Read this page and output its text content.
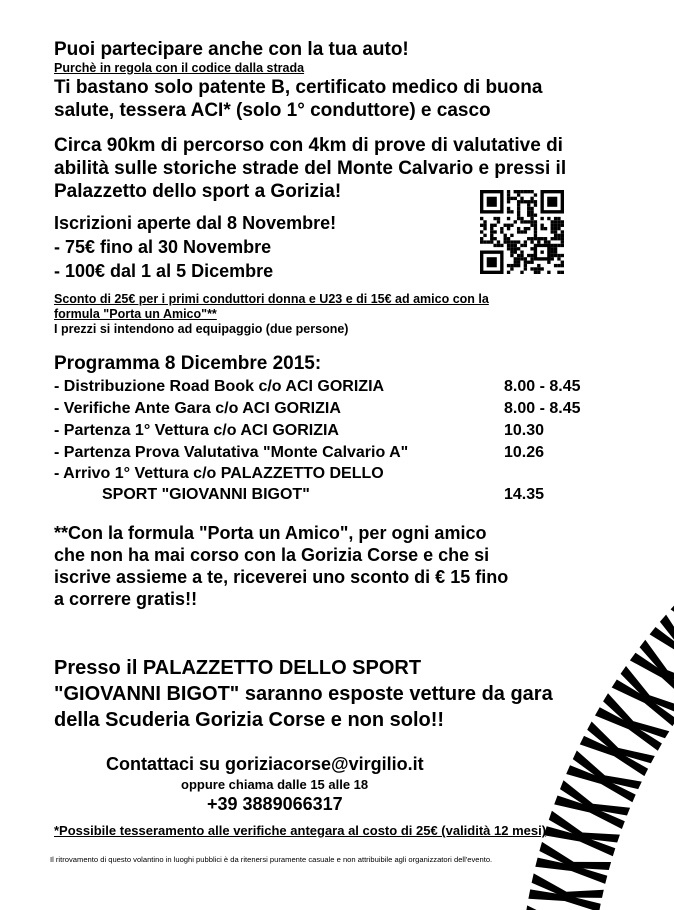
Puoi partecipare anche con la tua auto!
Purchè in regola con il codice dalla strada
Ti bastano solo patente B, certificato medico di buona
salute, tessera ACI* (solo 1° conduttore) e casco
Circa 90km di percorso con 4km di prove di valutative di
abilità sulle storiche strade del Monte Calvario e pressi il
Palazzetto dello sport a Gorizia!
Iscrizioni aperte dal 8 Novembre!
- 75€ fino al 30 Novembre
- 100€ dal 1 al 5 Dicembre
Sconto di 25€ per i primi conduttori donna e U23 e di 15€ ad amico con la
formula "Porta un Amico"**
I prezzi si intendono ad equipaggio (due persone)
Programma 8 Dicembre 2015:
- Distribuzione Road Book c/o ACI GORIZIA	8.00 - 8.45
- Verifiche Ante Gara c/o ACI GORIZIA	8.00 - 8.45
- Partenza 1° Vettura c/o ACI GORIZIA	10.30
- Partenza Prova Valutativa "Monte Calvario A"	10.26
- Arrivo 1° Vettura c/o PALAZZETTO DELLO
SPORT "GIOVANNI BIGOT"	14.35
**Con la formula "Porta un Amico", per ogni amico
che non ha mai corso con la Gorizia Corse e che si
iscrive assieme a te, riceverei uno sconto di € 15 fino
a correre gratis!!
Presso il PALAZZETTO DELLO SPORT
"GIOVANNI BIGOT" saranno esposte vetture da gara
della Scuderia Gorizia Corse e non solo!!
Contattaci su goriziacorse@virgilio.it
oppure chiama dalle 15 alle 18
+39 3889066317
*Possibile tesseramento alle verifiche antegara al costo di 25€ (validità 12 mesi)
Il ritrovamento di questo volantino in luoghi pubblici è da ritenersi puramente casuale e non attribuibile agli organizzatori dell'evento.
